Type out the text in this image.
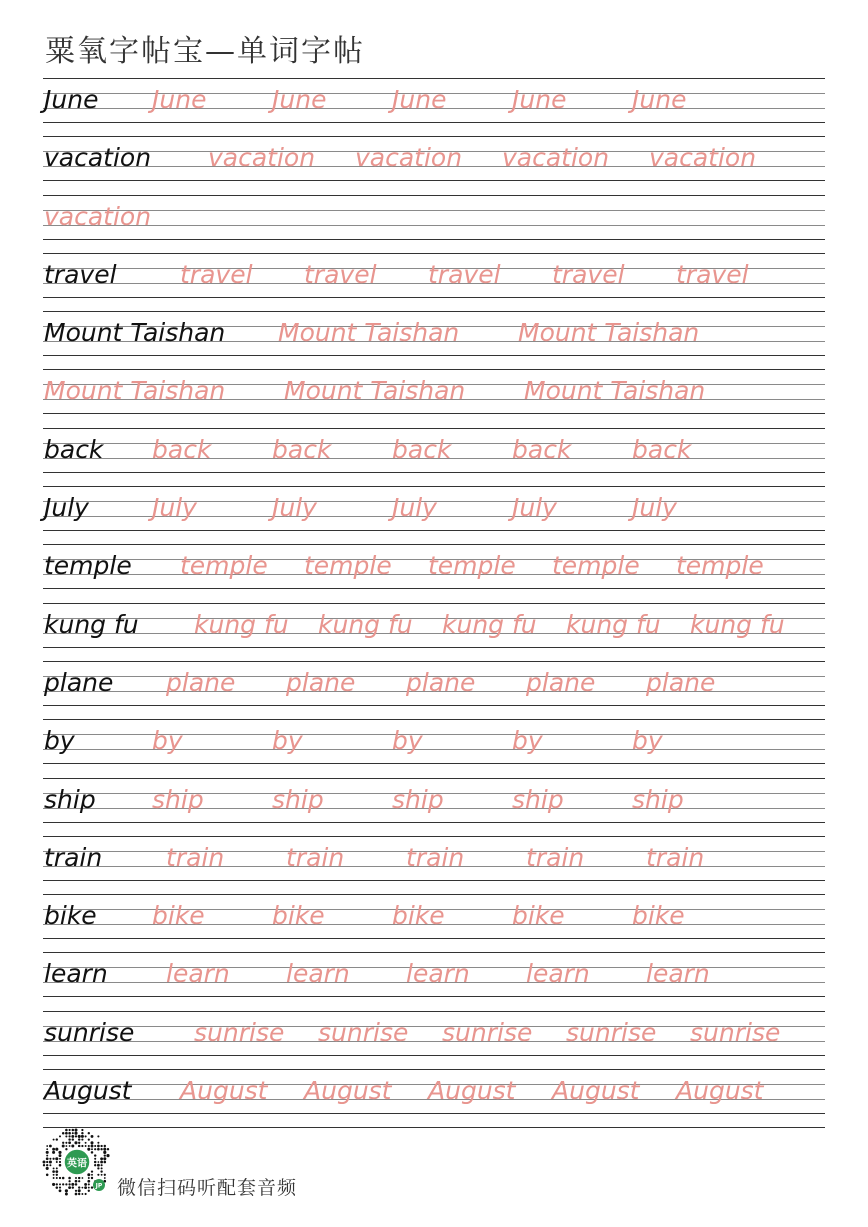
粟氧字帖宝—单词字帖
June	June	June	June	June	June
vacation	vacation	vacation	vacation	vacation
vacation
travel	travel	travel	travel	travel	travel
Mount Taishan	Mount Taishan	Mount Taishan
Mount Taishan	Mount Taishan	Mount Taishan
back	back	back	back	back	back
July	July	July	July	July	July
temple	temple	temple	temple	temple	temple
kung fu	kung fu	kung fu	kung fu	kung fu	kung fu
plane	plane	plane	plane	plane	plane
by	by	by	by	by	by
ship	ship	ship	ship	ship	ship
train	train	train	train	train	train
bike	bike	bike	bike	bike	bike
learn	learn	learn	learn	learn	learn
sunrise	sunrise	sunrise	sunrise	sunrise	sunrise
August	August	August	August	August	August
英语
JP 微信扫码听配套音频
